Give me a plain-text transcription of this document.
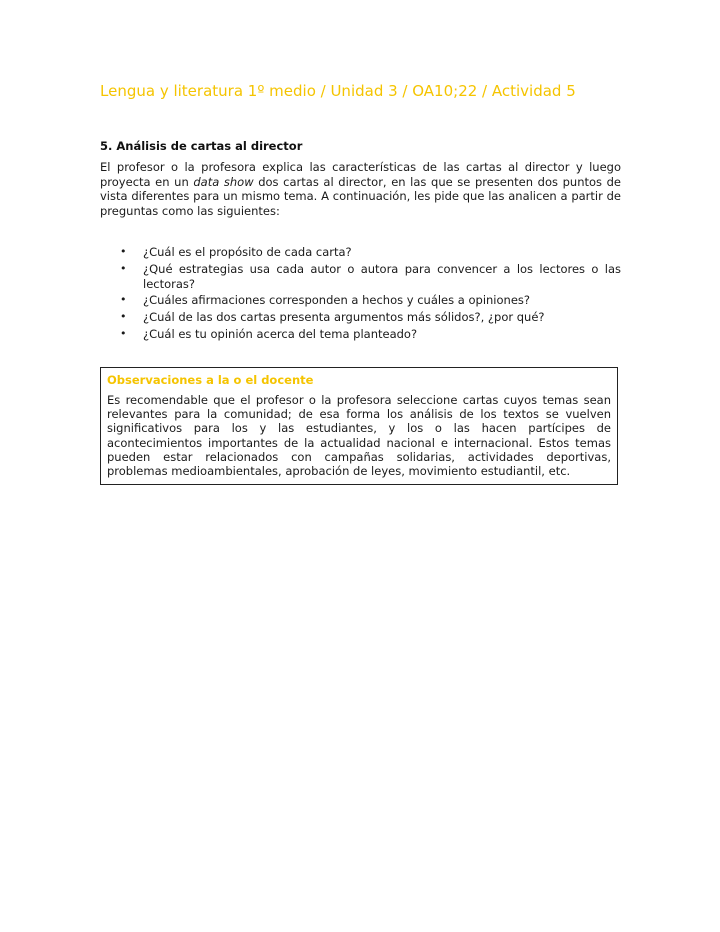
Lengua y literatura 1º medio / Unidad 3 / OA10;22 / Actividad 5
5. Análisis de cartas al director

El profesor o la profesora explica las características de las cartas al director y luego proyecta en un data show dos cartas al director, en las que se presenten dos puntos de vista diferentes para un mismo tema. A continuación, les pide que las analicen a partir de preguntas como las siguientes:

• ¿Cuál es el propósito de cada carta?
• ¿Qué estrategias usa cada autor o autora para convencer a los lectores o las lectoras?
• ¿Cuáles afirmaciones corresponden a hechos y cuáles a opiniones?
• ¿Cuál de las dos cartas presenta argumentos más sólidos?, ¿por qué?
• ¿Cuál es tu opinión acerca del tema planteado?
Observaciones a la o el docente

Es recomendable que el profesor o la profesora seleccione cartas cuyos temas sean relevantes para la comunidad; de esa forma los análisis de los textos se vuelven significativos para los y las estudiantes, y los o las hacen partícipes de acontecimientos importantes de la actualidad nacional e internacional. Estos temas pueden estar relacionados con campañas solidarias, actividades deportivas, problemas medioambientales, aprobación de leyes, movimiento estudiantil, etc.
